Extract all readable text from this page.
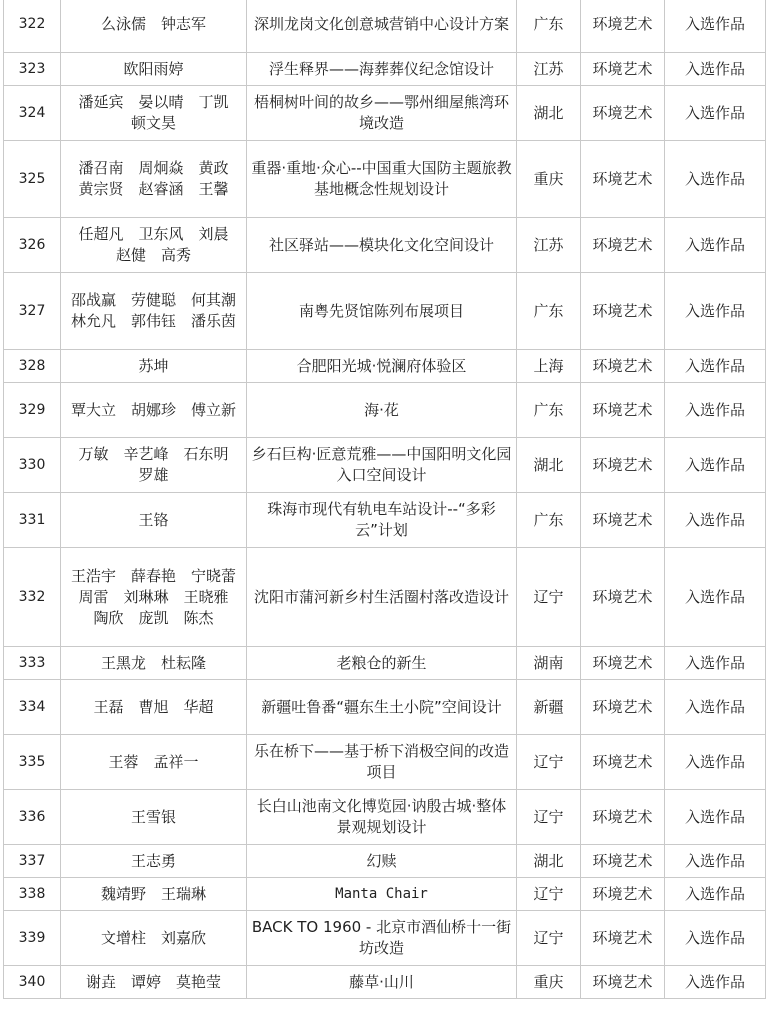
322	么泳儒　钟志军	深圳龙岗文化创意城营销中心设计方案	广东	环境艺术	入选作品
323	欧阳雨婷	浮生释界——海葬葬仪纪念馆设计	江苏	环境艺术	入选作品
324	潘延宾　晏以晴　丁凯　顿文昊	梧桐树叶间的故乡——鄂州细屋熊湾环境改造	湖北	环境艺术	入选作品
325	潘召南　周炯焱　黄政　黄宗贤　赵睿涵　王馨	重器·重地·众心--中国重大国防主题旅教基地概念性规划设计	重庆	环境艺术	入选作品
326	任超凡　卫东风　刘晨　赵健　高秀	社区驿站——模块化文化空间设计	江苏	环境艺术	入选作品
327	邵战赢　劳健聪　何其潮　林允凡　郭伟钰　潘乐茵	南粤先贤馆陈列布展项目	广东	环境艺术	入选作品
328	苏坤	合肥阳光城·悦澜府体验区	上海	环境艺术	入选作品
329	覃大立　胡娜珍　傅立新	海·花	广东	环境艺术	入选作品
330	万敏　辛艺峰　石东明　罗雄	乡石巨构·匠意荒雅——中国阳明文化园入口空间设计	湖北	环境艺术	入选作品
331	王铬	珠海市现代有轨电车站设计--“多彩云”计划	广东	环境艺术	入选作品
332	王浩宇　薛春艳　宁晓蕾　周雷　刘琳琳　王晓雅　陶欣　庞凯　陈杰	沈阳市蒲河新乡村生活圈村落改造设计	辽宁	环境艺术	入选作品
333	王黑龙　杜耘隆	老粮仓的新生	湖南	环境艺术	入选作品
334	王磊　曹旭　华超	新疆吐鲁番“疆东生土小院”空间设计	新疆	环境艺术	入选作品
335	王蓉　孟祥一	乐在桥下——基于桥下消极空间的改造项目	辽宁	环境艺术	入选作品
336	王雪银	长白山池南文化博览园·讷殷古城·整体景观规划设计	辽宁	环境艺术	入选作品
337	王志勇	幻赎	湖北	环境艺术	入选作品
338	魏靖野　王瑞琳	Manta Chair	辽宁	环境艺术	入选作品
339	文增柱　刘嘉欣	BACK TO 1960 - 北京市酒仙桥十一街坊改造	辽宁	环境艺术	入选作品
340	谢垚　谭婷　莫艳莹	藤草·山川	重庆	环境艺术	入选作品
